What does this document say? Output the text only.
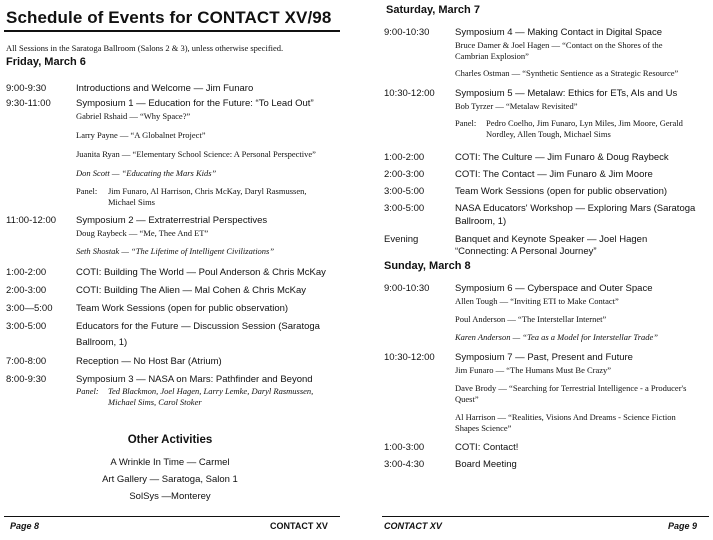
Schedule of Events for CONTACT XV/98
All Sessions in the Saratoga Ballroom (Salons 2 & 3), unless otherwise specified.
Friday, March 6
9:00-9:30	Introductions and Welcome — Jim Funaro
9:30-11:00	Symposium 1 — Education for the Future: “To Lead Out”
Gabriel Rshaid — “Why Space?”
Larry Payne — “A Globalnet Project”
Juanita Ryan — “Elementary School Science: A Personal Perspective”
Don Scott — “Educating the Mars Kids”
Panel: Jim Funaro, Al Harrison, Chris McKay, Daryl Rasmussen, Michael Sims
11:00-12:00 Symposium 2 — Extraterrestrial Perspectives
Doug Raybeck — “Me, Thee And ET”
Seth Shostak — “The Lifetime of Intelligent Civilizations”
1:00-2:00	COTI: Building The World — Poul Anderson & Chris McKay
2:00-3:00	COTI: Building The Alien — Mal Cohen & Chris McKay
3:00—5:00 Team Work Sessions (open for public observation)
3:00-5:00	Educators for the Future — Discussion Session (Saratoga
Ballroom, 1)
7:00-8:00	Reception — No Host Bar (Atrium)
8:00-9:30	Symposium 3 — NASA on Mars: Pathfinder and Beyond
Panel: Ted Blackmon, Joel Hagen, Larry Lemke, Daryl Rasmussen, Michael Sims, Carol Stoker
Other Activities
A Wrinkle In Time — Carmel
Art Gallery — Saratoga, Salon 1
SolSys —Monterey
Page 8	CONTACT XV
Saturday, March 7
9:00-10:30	Symposium 4 — Making Contact in Digital Space
Bruce Damer & Joel Hagen — “Contact on the Shores of the
Cambrian Explosion”
Charles Ostman — “Synthetic Sentience as a Strategic Resource”
10:30-12:00 Symposium 5 — Metalaw: Ethics for ETs, AIs and Us
Bob Tyrzer — “Metalaw Revisited”
Panel: Pedro Coelho, Jim Funaro, Lyn Miles, Jim Moore, Gerald Nordley, Allen Tough, Michael Sims
1:00-2:00	COTI: The Culture — Jim Funaro & Doug Raybeck
2:00-3:00	COTI: The Contact — Jim Funaro & Jim Moore
3:00-5:00	Team Work Sessions (open for public observation)
3:00-5:00	NASA Educators' Workshop — Exploring Mars (Saratoga
Ballroom, 1)
Evening	Banquet and Keynote Speaker — Joel Hagen
“Connecting: A Personal Journey”
Sunday, March 8
9:00-10:30	Symposium 6 — Cyberspace and Outer Space
Allen Tough — “Inviting ETI to Make Contact”
Poul Anderson — “The Interstellar Internet”
Karen Anderson — “Tea as a Model for Interstellar Trade”
10:30-12:00 Symposium 7 — Past, Present and Future
Jim Funaro — “The Humans Must Be Crazy”
Dave Brody — “Searching for Terrestrial Intelligence - a Producer's
Quest”
Al Harrison — “Realities, Visions And Dreams - Science Fiction
Shapes Science”
1:00-3:00	COTI: Contact!
3:00-4:30	Board Meeting
CONTACT XV	Page 9
